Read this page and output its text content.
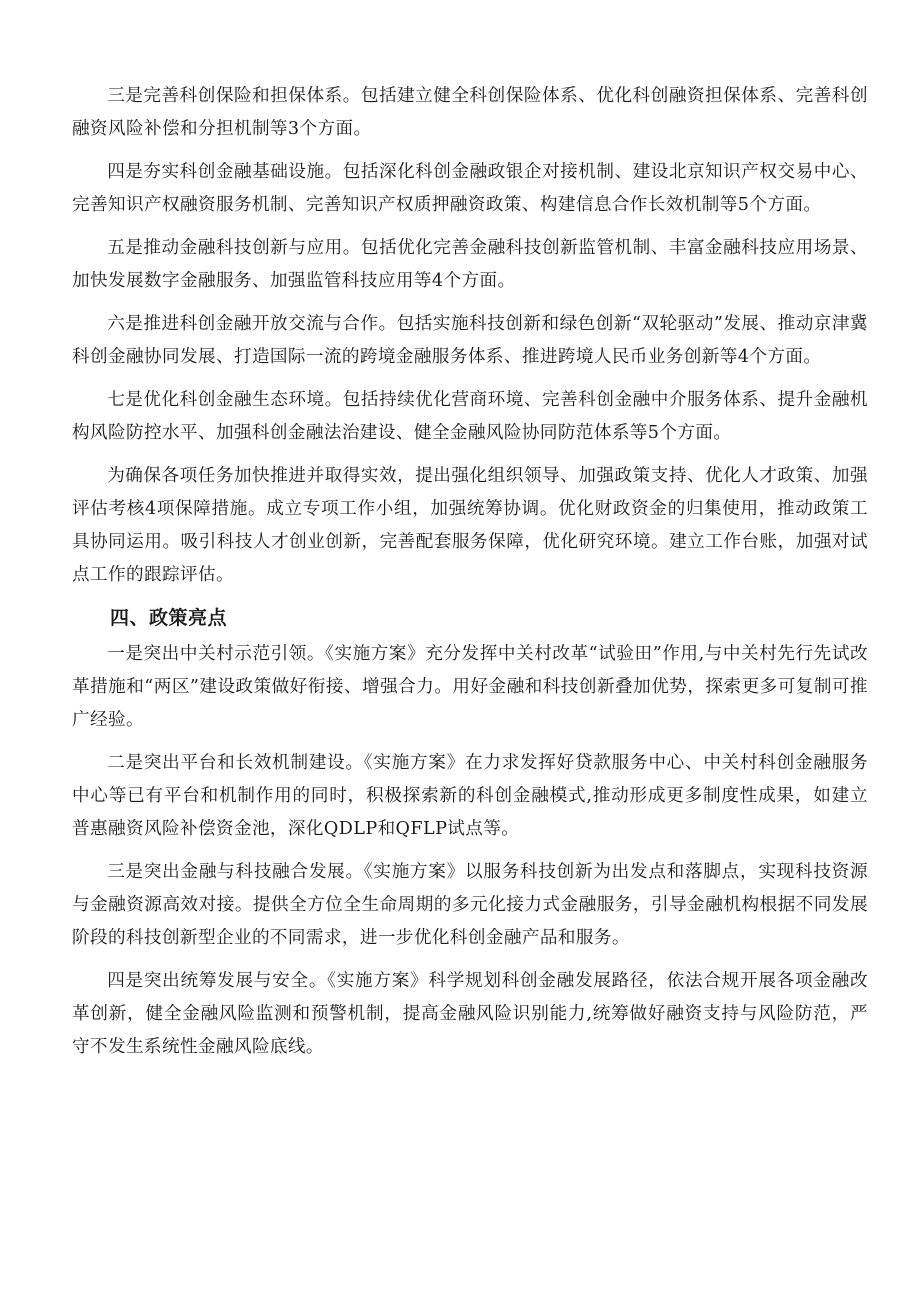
三是完善科创保险和担保体系。包括建立健全科创保险体系、优化科创融资担保体系、完善科创融资风险补偿和分担机制等3个方面。

四是夯实科创金融基础设施。包括深化科创金融政银企对接机制、建设北京知识产权交易中心、完善知识产权融资服务机制、完善知识产权质押融资政策、构建信息合作长效机制等5个方面。

五是推动金融科技创新与应用。包括优化完善金融科技创新监管机制、丰富金融科技应用场景、加快发展数字金融服务、加强监管科技应用等4个方面。

六是推进科创金融开放交流与合作。包括实施科技创新和绿色创新“双轮驱动”发展、推动京津冀科创金融协同发展、打造国际一流的跨境金融服务体系、推进跨境人民币业务创新等4个方面。

七是优化科创金融生态环境。包括持续优化营商环境、完善科创金融中介服务体系、提升金融机构风险防控水平、加强科创金融法治建设、健全金融风险协同防范体系等5个方面。

为确保各项任务加快推进并取得实效，提出强化组织领导、加强政策支持、优化人才政策、加强评估考核4项保障措施。成立专项工作小组，加强统筹协调。优化财政资金的归集使用，推动政策工具协同运用。吸引科技人才创业创新，完善配套服务保障，优化研究环境。建立工作台账，加强对试点工作的跟踪评估。

四、政策亮点

一是突出中关村示范引领。《实施方案》充分发挥中关村改革“试验田”作用,与中关村先行先试改革措施和“两区”建设政策做好衔接、增强合力。用好金融和科技创新叠加优势，探索更多可复制可推广经验。

二是突出平台和长效机制建设。《实施方案》在力求发挥好贷款服务中心、中关村科创金融服务中心等已有平台和机制作用的同时，积极探索新的科创金融模式,推动形成更多制度性成果，如建立普惠融资风险补偿资金池，深化QDLP和QFLP试点等。

三是突出金融与科技融合发展。《实施方案》以服务科技创新为出发点和落脚点，实现科技资源与金融资源高效对接。提供全方位全生命周期的多元化接力式金融服务，引导金融机构根据不同发展阶段的科技创新型企业的不同需求，进一步优化科创金融产品和服务。

四是突出统筹发展与安全。《实施方案》科学规划科创金融发展路径，依法合规开展各项金融改革创新，健全金融风险监测和预警机制，提高金融风险识别能力,统筹做好融资支持与风险防范，严守不发生系统性金融风险底线。
